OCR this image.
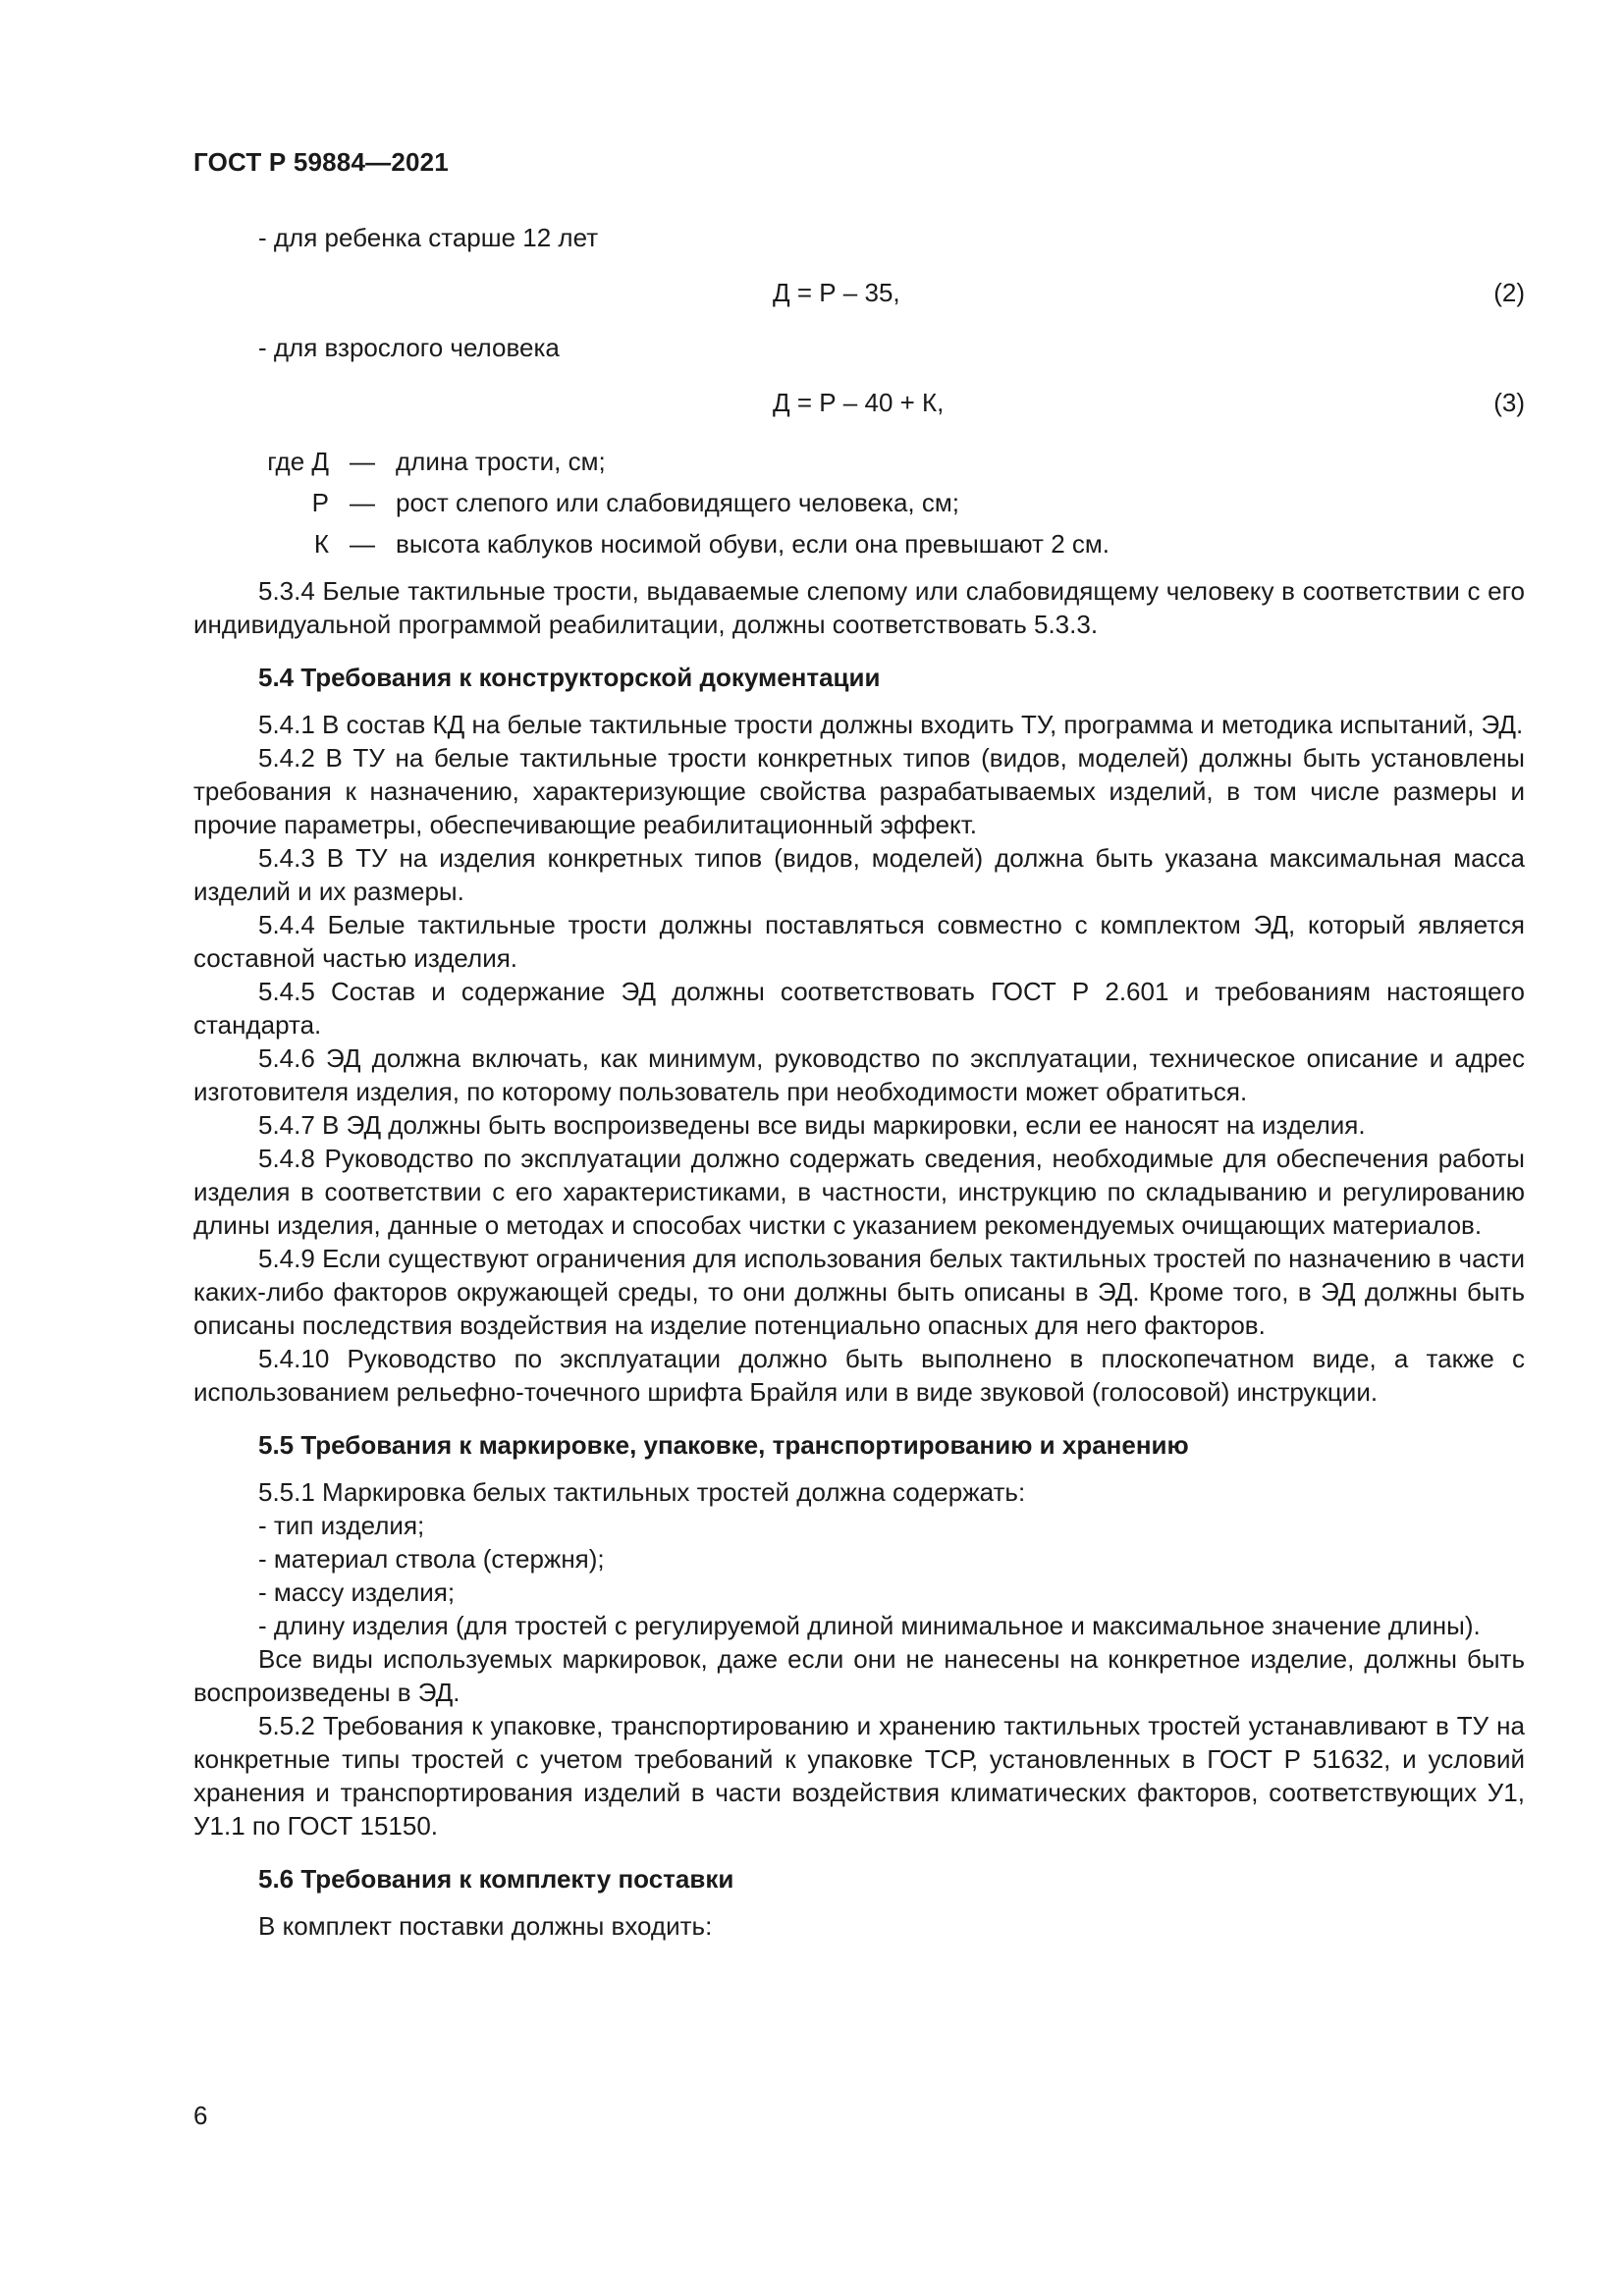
ГОСТ Р 59884—2021

- для ребенка старше 12 лет

Д = Р – 35,	(2)

- для взрослого человека

Д = Р – 40 + К,	(3)
где Д — длина трости, см;
Р — рост слепого или слабовидящего человека, см;
К — высота каблуков носимой обуви, если она превышают 2 см.

5.3.4 Белые тактильные трости, выдаваемые слепому или слабовидящему человеку в соответствии с его индивидуальной программой реабилитации, должны соответствовать 5.3.3.

5.4 Требования к конструкторской документации

5.4.1 В состав КД на белые тактильные трости должны входить ТУ, программа и методика испытаний, ЭД.

5.4.2 В ТУ на белые тактильные трости конкретных типов (видов, моделей) должны быть установлены требования к назначению, характеризующие свойства разрабатываемых изделий, в том числе размеры и прочие параметры, обеспечивающие реабилитационный эффект.

5.4.3 В ТУ на изделия конкретных типов (видов, моделей) должна быть указана максимальная масса изделий и их размеры.

5.4.4 Белые тактильные трости должны поставляться совместно с комплектом ЭД, который является составной частью изделия.

5.4.5 Состав и содержание ЭД должны соответствовать ГОСТ Р 2.601 и требованиям настоящего стандарта.

5.4.6 ЭД должна включать, как минимум, руководство по эксплуатации, техническое описание и адрес изготовителя изделия, по которому пользователь при необходимости может обратиться.

5.4.7 В ЭД должны быть воспроизведены все виды маркировки, если ее наносят на изделия.

5.4.8 Руководство по эксплуатации должно содержать сведения, необходимые для обеспечения работы изделия в соответствии с его характеристиками, в частности, инструкцию по складыванию и регулированию длины изделия, данные о методах и способах чистки с указанием рекомендуемых очищающих материалов.

5.4.9 Если существуют ограничения для использования белых тактильных тростей по назначению в части каких-либо факторов окружающей среды, то они должны быть описаны в ЭД. Кроме того, в ЭД должны быть описаны последствия воздействия на изделие потенциально опасных для него факторов.

5.4.10 Руководство по эксплуатации должно быть выполнено в плоскопечатном виде, а также с использованием рельефно-точечного шрифта Брайля или в виде звуковой (голосовой) инструкции.

5.5 Требования к маркировке, упаковке, транспортированию и хранению

5.5.1 Маркировка белых тактильных тростей должна содержать:

- тип изделия;

- материал ствола (стержня);

- массу изделия;

- длину изделия (для тростей с регулируемой длиной минимальное и максимальное значение длины).

Все виды используемых маркировок, даже если они не нанесены на конкретное изделие, должны быть воспроизведены в ЭД.

5.5.2 Требования к упаковке, транспортированию и хранению тактильных тростей устанавливают в ТУ на конкретные типы тростей с учетом требований к упаковке ТСР, установленных в ГОСТ Р 51632, и условий хранения и транспортирования изделий в части воздействия климатических факторов, соответствующих У1, У1.1 по ГОСТ 15150.

5.6 Требования к комплекту поставки

В комплект поставки должны входить:

6
